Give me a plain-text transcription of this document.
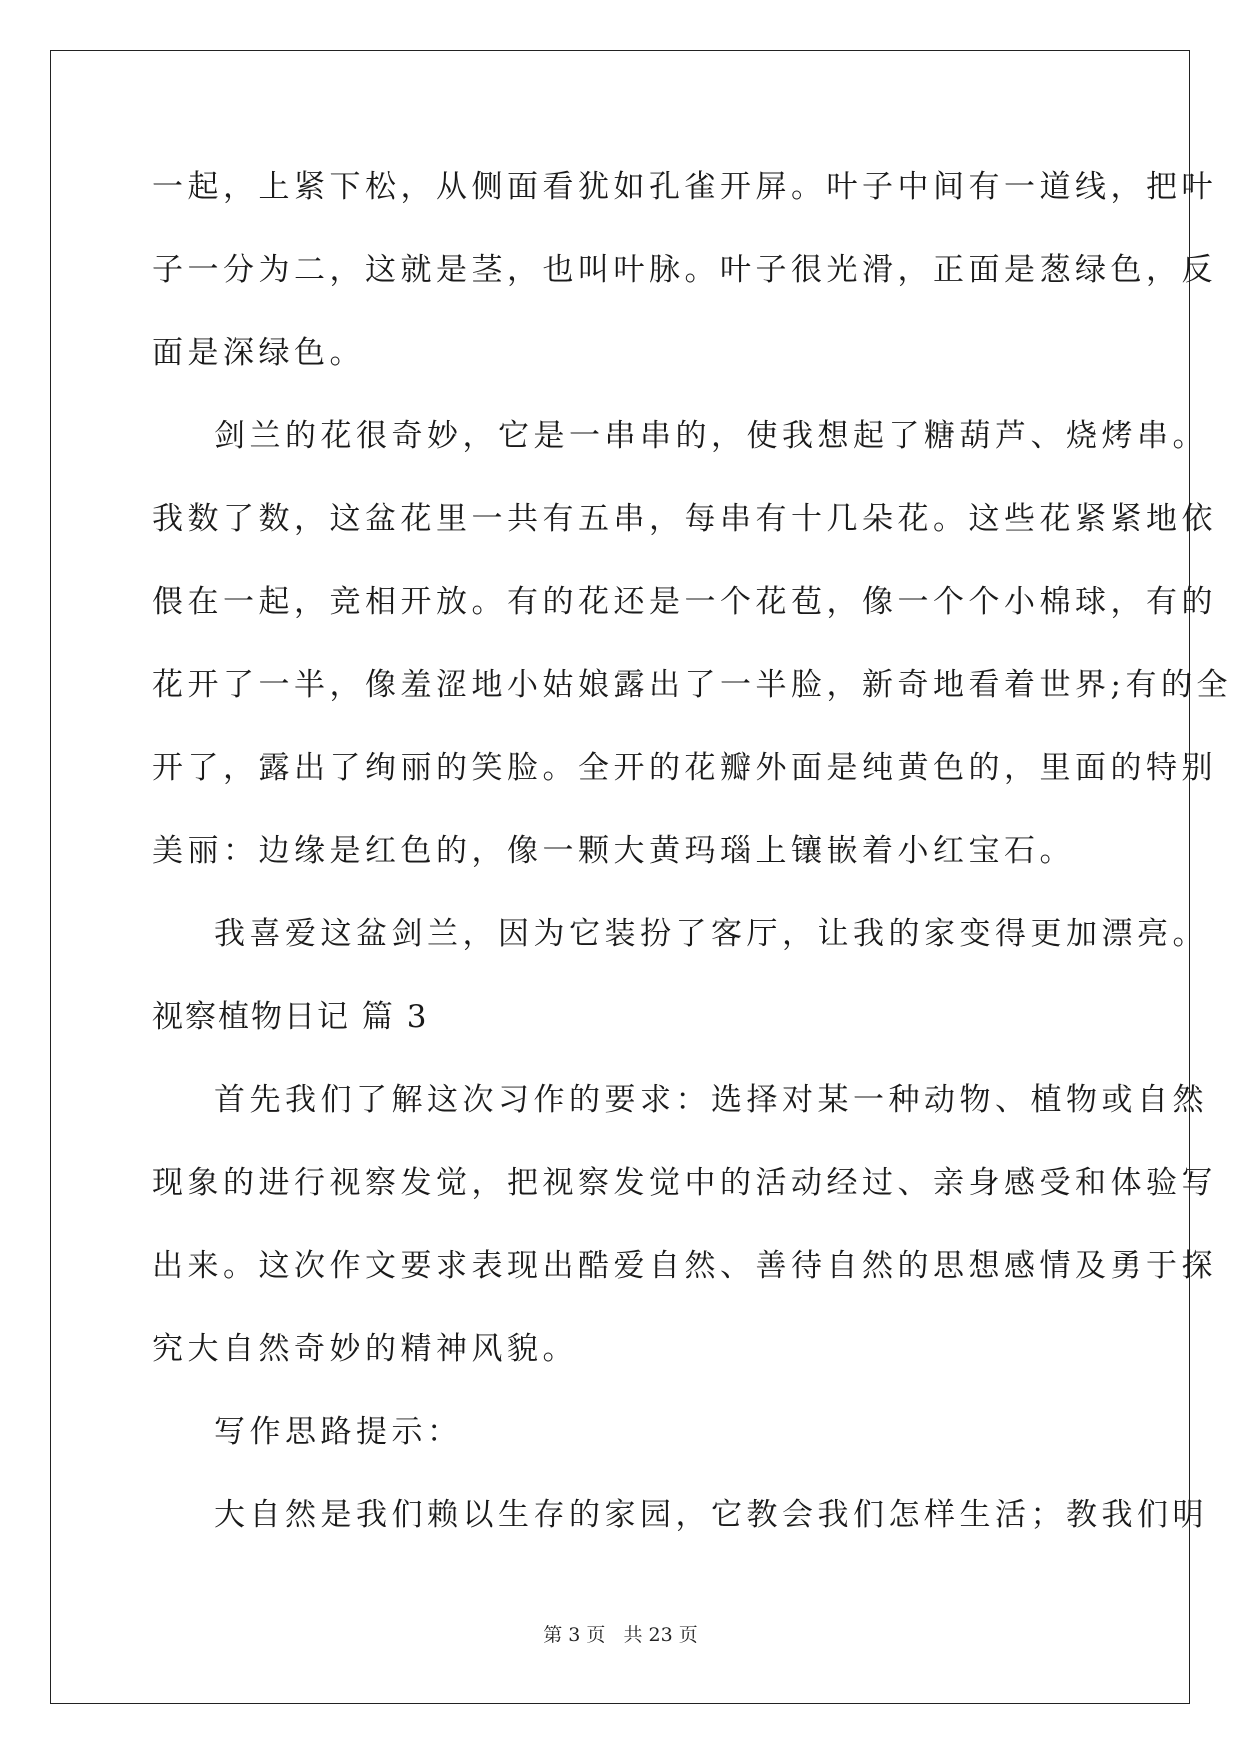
一起，上紧下松，从侧面看犹如孔雀开屏。叶子中间有一道线，把叶
子一分为二，这就是茎，也叫叶脉。叶子很光滑，正面是葱绿色，反
面是深绿色。
剑兰的花很奇妙，它是一串串的，使我想起了糖葫芦、烧烤串。
我数了数，这盆花里一共有五串，每串有十几朵花。这些花紧紧地依
偎在一起，竞相开放。有的花还是一个花苞，像一个个小棉球，有的
花开了一半，像羞涩地小姑娘露出了一半脸，新奇地看着世界;有的全
开了，露出了绚丽的笑脸。全开的花瓣外面是纯黄色的，里面的特别
美丽：边缘是红色的，像一颗大黄玛瑙上镶嵌着小红宝石。
我喜爱这盆剑兰，因为它装扮了客厅，让我的家变得更加漂亮。
视察植物日记 篇 3
首先我们了解这次习作的要求：选择对某一种动物、植物或自然
现象的进行视察发觉，把视察发觉中的活动经过、亲身感受和体验写
出来。这次作文要求表现出酷爱自然、善待自然的思想感情及勇于探
究大自然奇妙的精神风貌。
写作思路提示：
大自然是我们赖以生存的家园，它教会我们怎样生活；教我们明
第 3 页 共 23 页
